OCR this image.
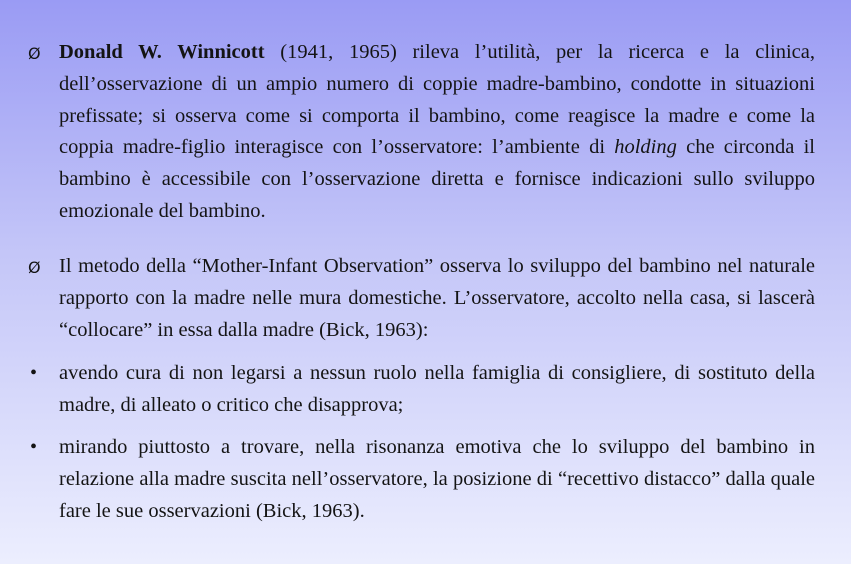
Ø Donald W. Winnicott (1941, 1965) rileva l’utilità, per la ricerca e la clinica, dell’osservazione di un ampio numero di coppie madre-bambino, condotte in situazioni prefissate; si osserva come si comporta il bambino, come reagisce la madre e come la coppia madre-figlio interagisce con l’osservatore: l’ambiente di holding che circonda il bambino è accessibile con l’osservazione diretta e fornisce indicazioni sullo sviluppo emozionale del bambino.
Ø Il metodo della “Mother-Infant Observation” osserva lo sviluppo del bambino nel naturale rapporto con la madre nelle mura domestiche. L’osservatore, accolto nella casa, si lascerà “collocare” in essa dalla madre (Bick, 1963):
•	avendo cura di non legarsi a nessun ruolo nella famiglia di consigliere, di sostituto della madre, di alleato o critico che disapprova;
•	mirando piuttosto a trovare, nella risonanza emotiva che lo sviluppo del bambino in relazione alla madre suscita nell’osservatore, la posizione di “recettivo distacco” dalla quale fare le sue osservazioni (Bick, 1963).
